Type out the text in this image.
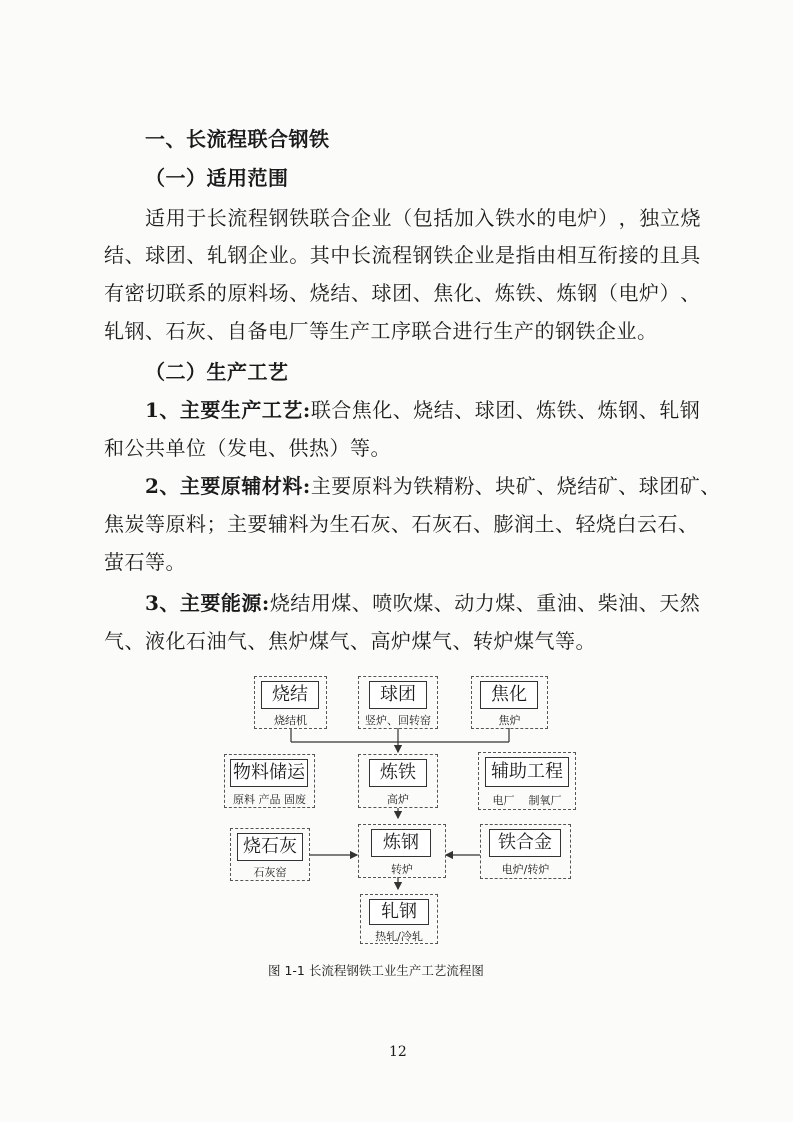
一、长流程联合钢铁
（一）适用范围
适 用 于 长 流 程 钢 铁 联 合 企 业 （ 包 括 加 入 铁 水 的 电 炉 ） ， 独 立 烧
结 、 球 团 、 轧 钢 企 业 。 其 中 长 流 程 钢 铁 企 业 是 指 由 相 互 衔 接 的 且 具
有 密 切 联 系 的 原 料 场 、 烧 结 、 球 团 、 焦 化 、 炼 铁 、 炼 钢 （ 电 炉 ） 、
轧钢、石灰、自备电厂等生产工序联合进行生产的钢铁企业。
（二）生产工艺
1、主要生产工艺:联合焦化、烧结、球团、炼铁、炼钢、轧钢
和公共单位（发电、供热）等。
2、主要原辅材料:主要原料为铁精粉、块矿、烧结矿、球团矿、
焦炭等原料；主要辅料为生石灰、石灰石、膨润土、轻烧白云石、
萤石等。
3、主要能源:烧结用煤、喷吹煤、动力煤、重油、柴油、天然
气、液化石油气、焦炉煤气、高炉煤气、转炉煤气等。
烧结
烧结机
球团
竖炉、回转窑
焦化
焦炉
物料储运
原料 产品 固废
炼铁
高炉
辅助工程
电厂    制氧厂
烧石灰
石灰窑
炼钢
转炉
铁合金
电炉/转炉
轧钢
热轧/冷轧
图 1-1 长流程钢铁工业生产工艺流程图
12
